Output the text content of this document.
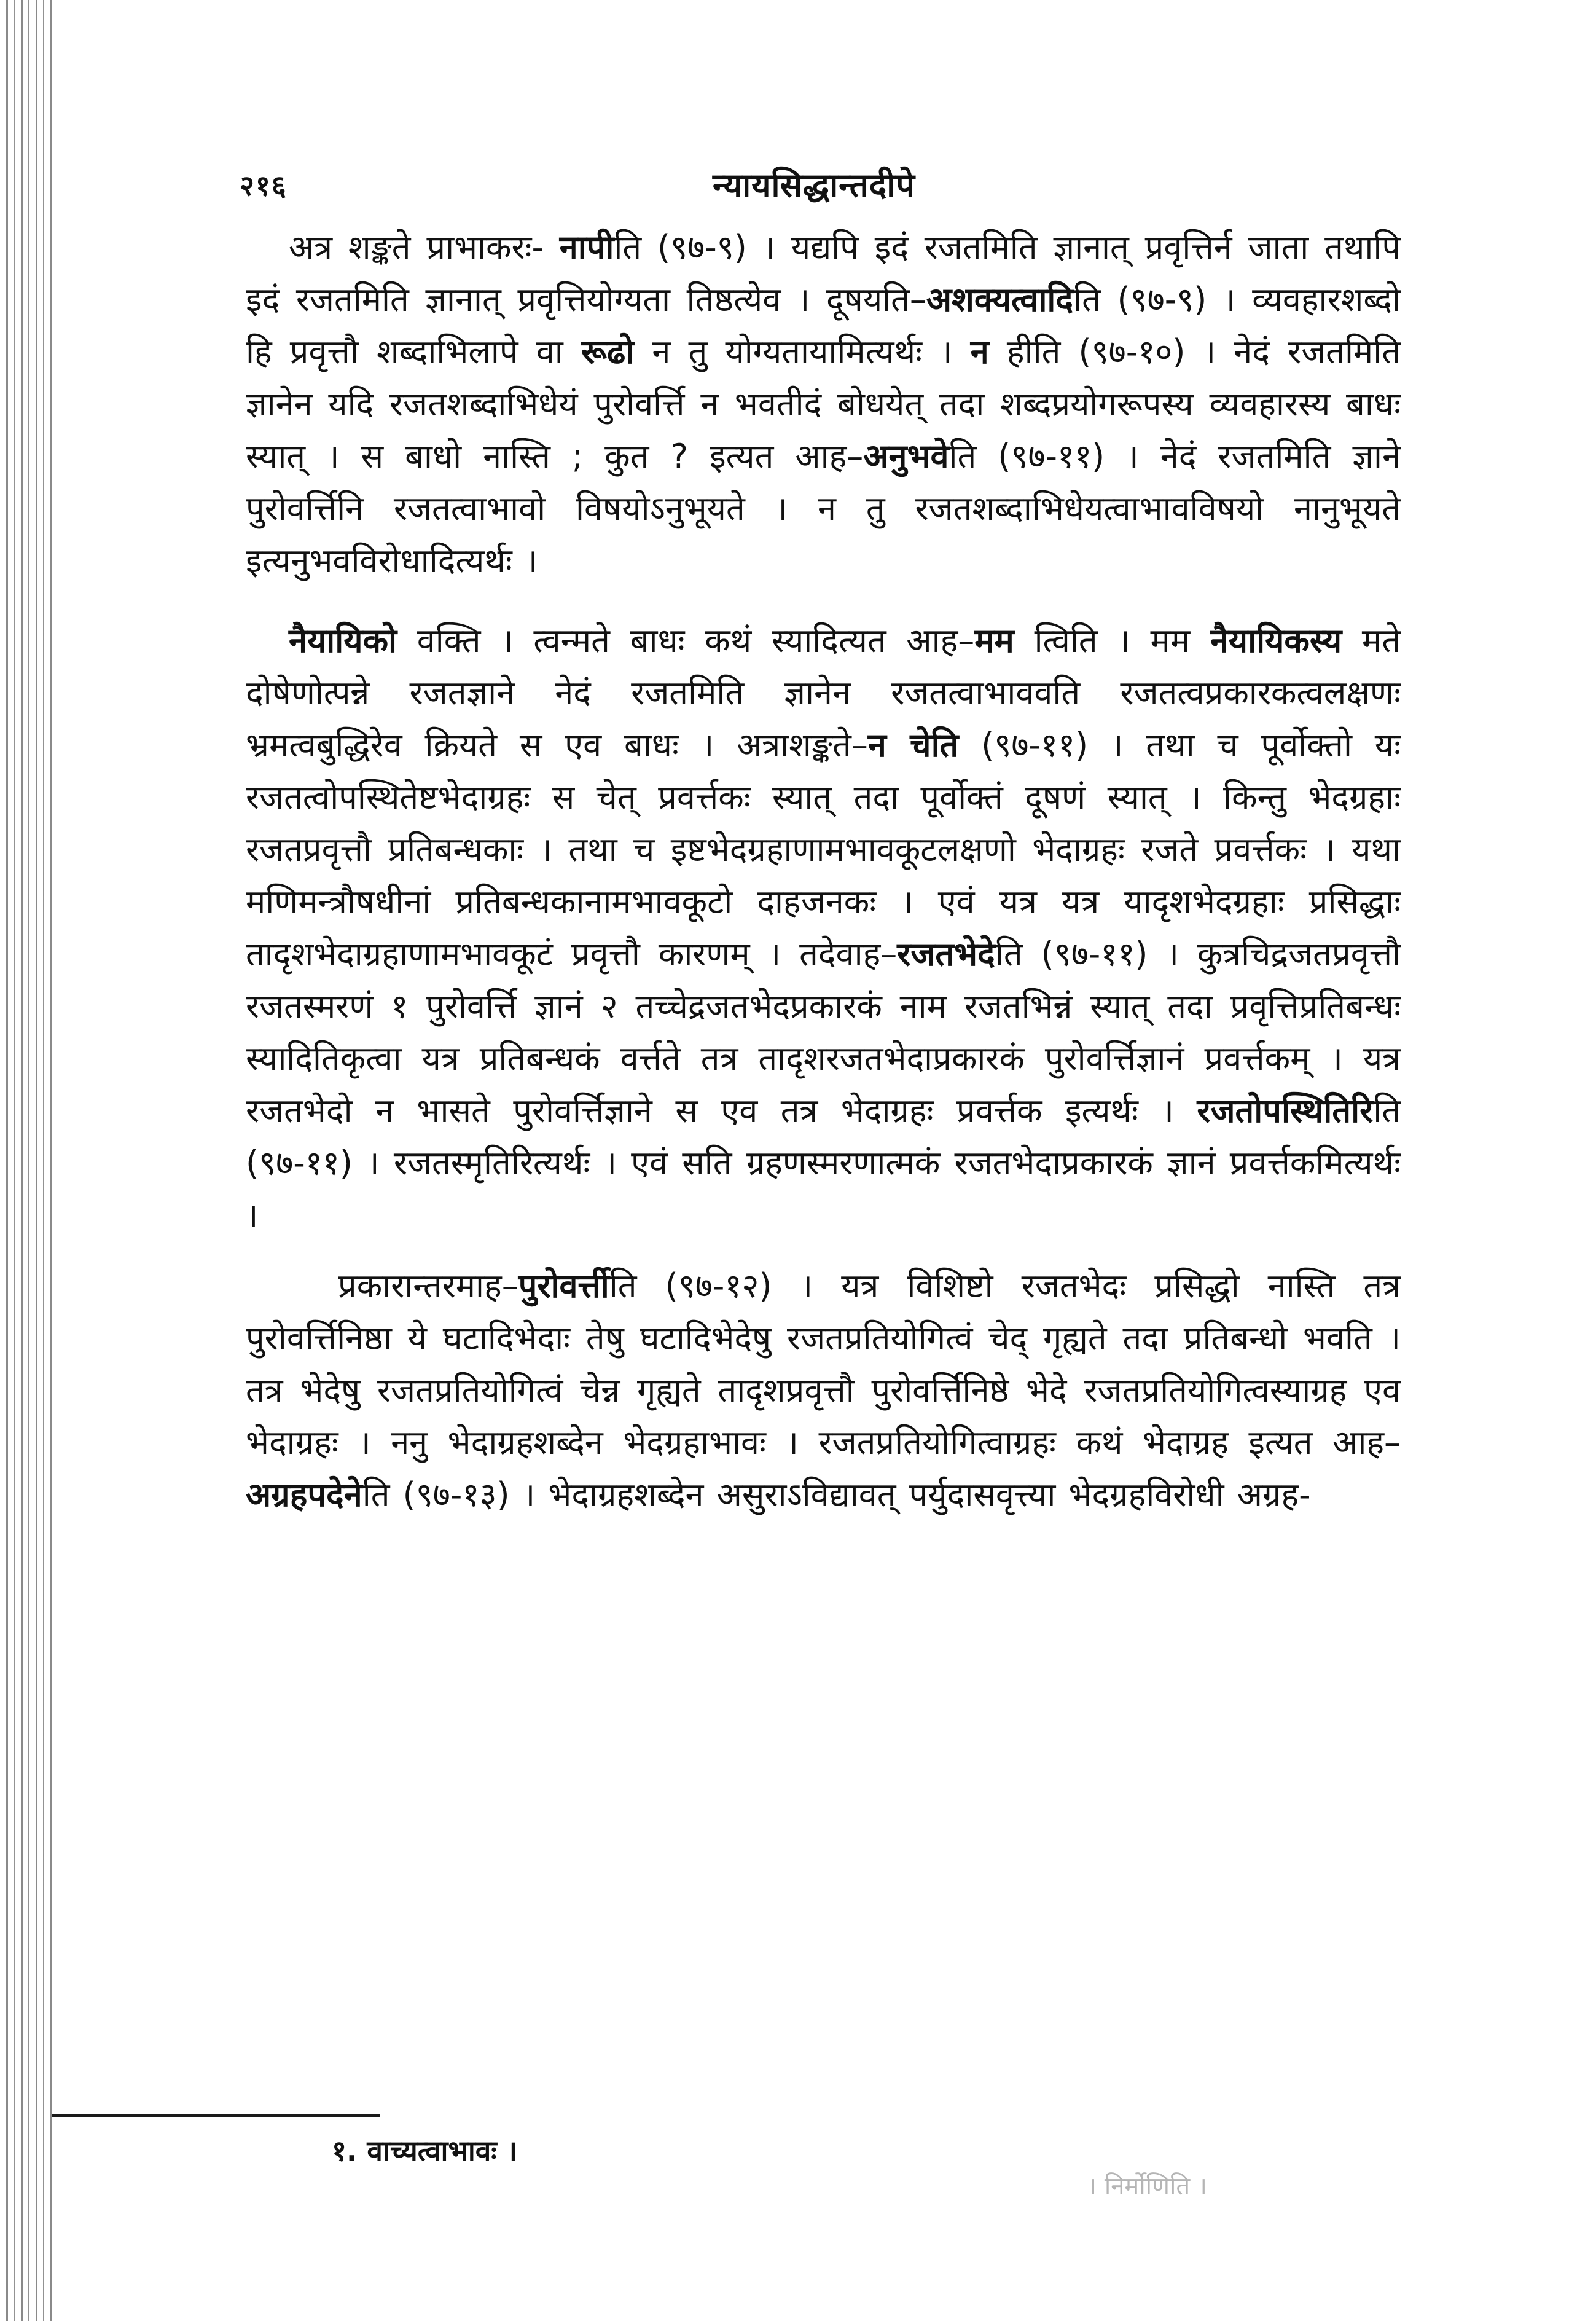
२१६	न्यायसिद्धान्तदीपे

अत्र शङ्कते प्राभाकरः- नापीति (९७-९) । यद्यपि इदं रजतमिति ज्ञानात् प्रवृत्तिर्न जाता तथापि इदं रजतमिति ज्ञानात् प्रवृत्तियोग्यता तिष्ठत्येव । दूषयति–अशक्यत्वादिति (९७-९) । व्यवहारशब्दो हि प्रवृत्तौ शब्दाभिलापे वा रूढो न तु योग्यतायामित्यर्थः । न हीति (९७-१०) । नेदं रजतमिति ज्ञानेन यदि रजतशब्दाभिधेयं पुरोवर्त्ति न भवतीदं बोधयेत् तदा शब्दप्रयोगरूपस्य व्यवहारस्य बाधः स्यात् । स बाधो नास्ति ; कुत ? इत्यत आह–अनुभवेति (९७-११) । नेदं रजतमिति ज्ञाने पुरोवर्त्तिनि रजतत्वाभावो विषयोऽनुभूयते । न तु रजतशब्दाभिधेयत्वाभावविषयो नानुभूयते इत्यनुभवविरोधादित्यर्थः ।

नैयायिको वक्ति । त्वन्मते बाधः कथं स्यादित्यत आह–मम त्विति । मम नैयायिकस्य मते दोषेणोत्पन्ने रजतज्ञाने नेदं रजतमिति ज्ञानेन रजतत्वाभाववति रजतत्वप्रकारकत्वलक्षणः भ्रमत्वबुद्धिरेव क्रियते स एव बाधः । अत्राशङ्कते–न चेति (९७-११) । तथा च पूर्वोक्तो यः रजतत्वोपस्थितेष्टभेदाग्रहः स चेत् प्रवर्त्तकः स्यात् तदा पूर्वोक्तं दूषणं स्यात् । किन्तु भेदग्रहाः रजतप्रवृत्तौ प्रतिबन्धकाः । तथा च इष्टभेदग्रहाणामभावकूटलक्षणो भेदाग्रहः रजते प्रवर्त्तकः । यथा मणिमन्त्रौषधीनां प्रतिबन्धकानामभावकूटो दाहजनकः । एवं यत्र यत्र यादृशभेदग्रहाः प्रसिद्धाः तादृशभेदाग्रहाणामभावकूटं प्रवृत्तौ कारणम् । तदेवाह–रजतभेदेति (९७-११) । कुत्रचिद्रजतप्रवृत्तौ रजतस्मरणं १ पुरोवर्त्ति ज्ञानं २ तच्चेद्रजतभेदप्रकारकं नाम रजतभिन्नं स्यात् तदा प्रवृत्तिप्रतिबन्धः स्यादितिकृत्वा यत्र प्रतिबन्धकं वर्त्तते तत्र तादृशरजतभेदाप्रकारकं पुरोवर्त्तिज्ञानं प्रवर्त्तकम् । यत्र रजतभेदो न भासते पुरोवर्त्तिज्ञाने स एव तत्र भेदाग्रहः प्रवर्त्तक इत्यर्थः । रजतोपस्थितिरिति (९७-११) । रजतस्मृतिरित्यर्थः । एवं सति ग्रहणस्मरणात्मकं रजतभेदाप्रकारकं ज्ञानं प्रवर्त्तकमित्यर्थः ।

प्रकारान्तरमाह–पुरोवर्त्तीति (९७-१२) । यत्र विशिष्टो रजतभेदः प्रसिद्धो नास्ति तत्र पुरोवर्त्तिनिष्ठा ये घटादिभेदाः तेषु घटादिभेदेषु रजतप्रतियोगित्वं चेद् गृह्यते तदा प्रतिबन्धो भवति । तत्र भेदेषु रजतप्रतियोगित्वं चेन्न गृह्यते तादृशप्रवृत्तौ पुरोवर्त्तिनिष्ठे भेदे रजतप्रतियोगित्वस्याग्रह एव भेदाग्रहः । ननु भेदाग्रहशब्देन भेदग्रहाभावः । रजतप्रतियोगित्वाग्रहः कथं भेदाग्रह इत्यत आह–अग्रहपदेनेति (९७-१३) । भेदाग्रहशब्देन असुराऽविद्यावत् पर्युदासवृत्त्या भेदग्रहविरोधी अग्रह-

१. वाच्यत्वाभावः ।
। निर्मोणिति ।
